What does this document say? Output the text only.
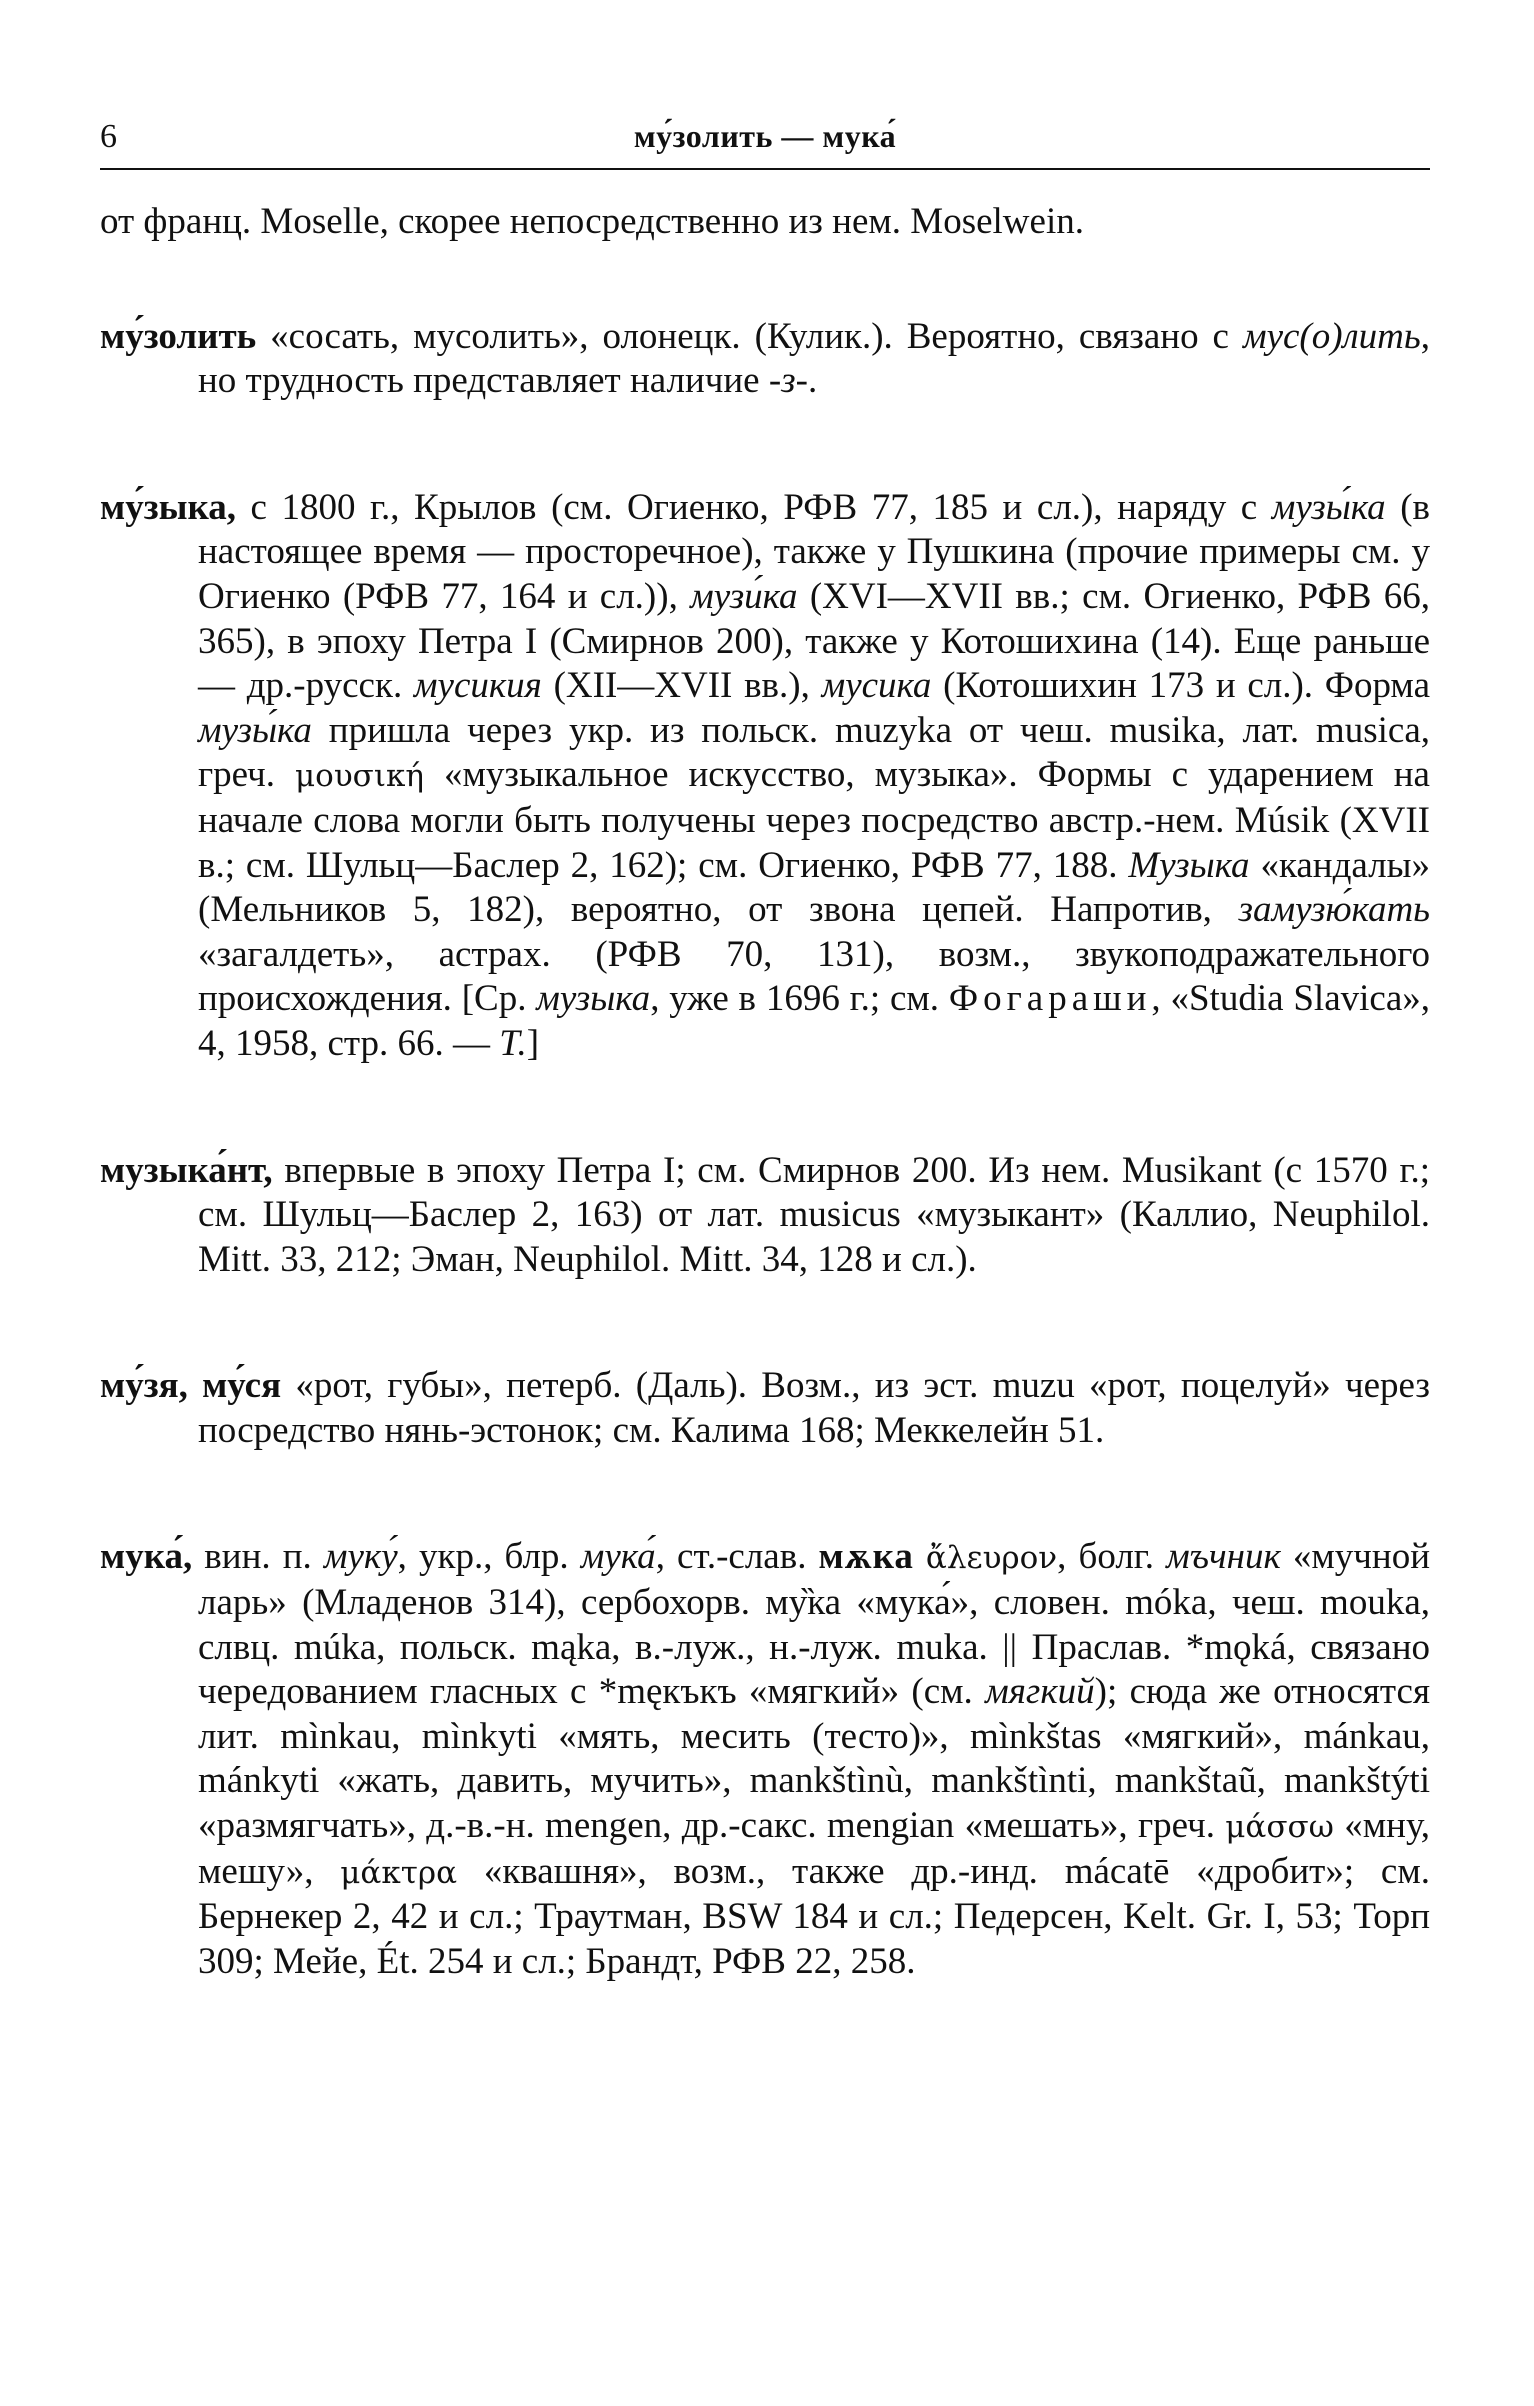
6	му́золить — мука́

от франц. Moselle, скорее непосредственно из нем. Moselwein.

му́золить «сосать, мусолить», олонецк. (Кулик.). Вероятно, связано с мус(о)лить, но трудность представляет наличие -з-.

му́зыка, с 1800 г., Крылов (см. Огиенко, РФВ 77, 185 и сл.), наряду с музы́ка (в настоящее время — просторечное), также у Пушкина (прочие примеры см. у Огиенко (РФВ 77, 164 и сл.)), музи́ка (XVI—XVII вв.; см. Огиенко, РФВ 66, 365), в эпоху Петра I (Смирнов 200), также у Котошихина (14). Еще раньше — др.-русск. мусикия (XII—XVII вв.), мусика (Котошихин 173 и сл.). Форма музы́ка пришла через укр. из польск. muzyka от чеш. musika, лат. musica, греч. μουσική «музыкальное искусство, музыка». Формы с ударением на начале слова могли быть получены через посредство австр.-нем. Músik (XVII в.; см. Шульц—Баслер 2, 162); см. Огиенко, РФВ 77, 188. Музыка «кандалы» (Мельников 5, 182), вероятно, от звона цепей. Напротив, замузю́кать «загалдеть», астрах. (РФВ 70, 131), возм., звукоподражательного происхождения. [Ср. музыка, уже в 1696 г.; см. Фогараши, «Studia Slavica», 4, 1958, стр. 66. — Т.]

музыка́нт, впервые в эпоху Петра I; см. Смирнов 200. Из нем. Musikant (с 1570 г.; см. Шульц—Баслер 2, 163) от лат. musicus «музыкант» (Каллио, Neuphilol. Mitt. 33, 212; Эман, Neuphilol. Mitt. 34, 128 и сл.).

му́зя, му́ся «рот, губы», петерб. (Даль). Возм., из эст. muzu «рот, поцелуй» через посредство нянь-эстонок; см. Калима 168; Меккелейн 51.

мука́, вин. п. муку́, укр., блр. мука́, ст.-слав. мѫка ἄλευρον, болг. мъчник «мучной ларь» (Младенов 314), сербохорв. му̏ка «мука́», словен. móka, чеш. mouka, слвц. múka, польск. mąka, в.-луж., н.-луж. muka. || Праслав. *mǫká, связано чередованием гласных с *męкъкъ «мягкий» (см. мягкий); сюда же относятся лит. mìnkau, mìnkyti «мять, месить (тесто)», mìnkštas «мягкий», mánkau, mánkyti «жать, давить, мучить», mankštìnù, mankštìnti, mankštaũ, mankštýti «размягчать», д.-в.-н. mengen, др.-сакс. mengian «мешать», греч. μάσσω «мну, мешу», μάκτρα «квашня», возм., также др.-инд. mácatē «дробит»; см. Бернекер 2, 42 и сл.; Траутман, BSW 184 и сл.; Педерсен, Kelt. Gr. I, 53; Торп 309; Мейе, Ét. 254 и сл.; Брандт, РФВ 22, 258.
